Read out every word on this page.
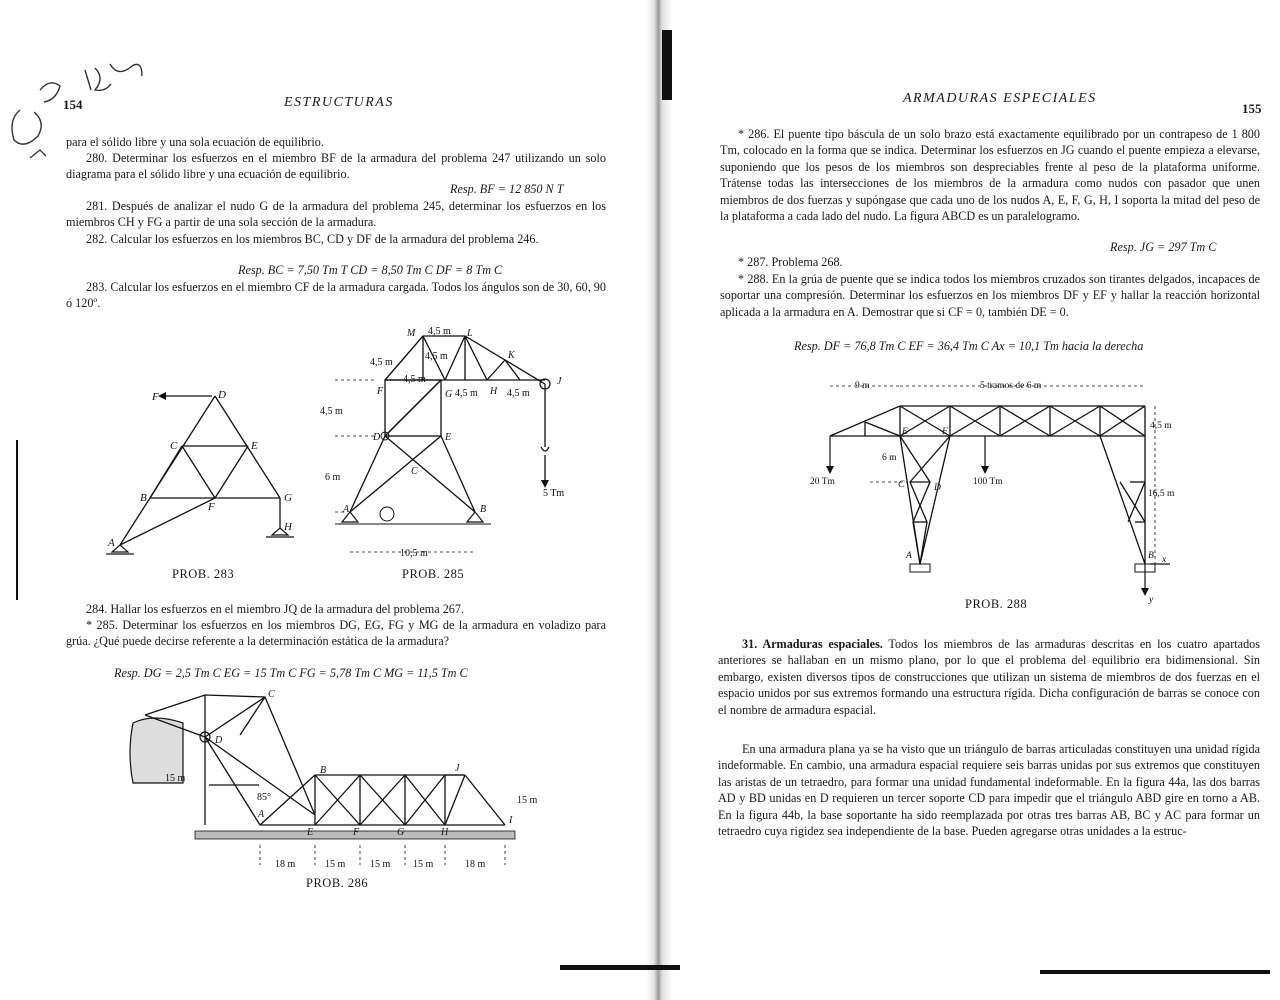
154	ESTRUCTURAS
para el sólido libre y una sola ecuación de equilibrio.
280. Determinar los esfuerzos en el miembro BF de la armadura del problema 247 utilizando un solo diagrama para el sólido libre y una ecuación de equilibrio.
Resp. BF = 12 850 N T
281. Después de analizar el nudo G de la armadura del problema 245, determinar los esfuerzos en los miembros CH y FG a partir de una sola sección de la armadura.
282. Calcular los esfuerzos en los miembros BC, CD y DF de la armadura del problema 246.
Resp. BC = 7,50 Tm T CD = 8,50 Tm C DF = 8 Tm C
283. Calcular los esfuerzos en el miembro CF de la armadura cargada. Todos los ángulos son de 30, 60, 90 ó 120º.
F	D
C	E
B	G
F
A
H
PROB. 283
M	L
K
J
F	G	H
D	E
C
A	B
4,5 m
4,5 m
4,5 m
4,5 m
4,5 m	4,5 m
4,5 m
6 m
10,5 m
5 Tm
PROB. 285
284. Hallar los esfuerzos en el miembro JQ de la armadura del problema 267.
* 285. Determinar los esfuerzos en los miembros DG, EG, FG y MG de la armadura en voladizo para grúa. ¿Qué puede decirse referente a la determinación estática de la armadura?
Resp. DG = 2,5 Tm C EG = 15 Tm C FG = 5,78 Tm C MG = 11,5 Tm C
C
D
B	J
A
E	F	G	H
I
85°
15 m
15 m
18 m	15 m 15 m 15 m	18 m
PROB. 286
ARMADURAS ESPECIALES
155
* 286. El puente tipo báscula de un solo brazo está exactamente equilibrado por un contrapeso de 1 800 Tm, colocado en la forma que se indica. Determinar los esfuerzos en JG cuando el puente empieza a elevarse, suponiendo que los pesos de los miembros son despreciables frente al peso de la plataforma uniforme. Trátense todas las intersecciones de los miembros de la armadura como nudos con pasador que unen miembros de dos fuerzas y supóngase que cada uno de los nudos A, E, F, G, H, I soporta la mitad del peso de la plataforma a cada lado del nudo. La figura ABCD es un paralelogramo.
Resp. JG = 297 Tm C
* 287. Problema 268.
* 288. En la grúa de puente que se indica todos los miembros cruzados son tirantes delgados, incapaces de soportar una compresión. Determinar los esfuerzos en los miembros DF y EF y hallar la reacción horizontal aplicada a la armadura en A. Demostrar que si CF = 0, también DE = 0.
Resp. DF = 76,8 Tm C EF = 36,4 Tm C Ax = 10,1 Tm hacia la derecha
9 m	5 tramos de 6 m
4,5 m
6 m
16,5 m
20 Tm	100 Tm
E	F
C	D
A	B x
y
PROB. 288
31. Armaduras espaciales. Todos los miembros de las armaduras descritas en los cuatro apartados anteriores se hallaban en un mismo plano, por lo que el problema del equilibrio era bidimensional. Sin embargo, existen diversos tipos de construcciones que utilizan un sistema de miembros de dos fuerzas en el espacio unidos por sus extremos formando una estructura rígida. Dicha configuración de barras se conoce con el nombre de armadura espacial.
En una armadura plana ya se ha visto que un triángulo de barras articuladas constituyen una unidad rígida indeformable. En cambio, una armadura espacial requiere seis barras unidas por sus extremos que constituyen las aristas de un tetraedro, para formar una unidad fundamental indeformable. En la figura 44a, las dos barras AD y BD unidas en D requieren un tercer soporte CD para impedir que el triángulo ABD gire en torno a AB. En la figura 44b, la base soportante ha sido reemplazada por otras tres barras AB, BC y AC para formar un tetraedro cuya rigidez sea independiente de la base. Pueden agregarse otras unidades a la estruc-
